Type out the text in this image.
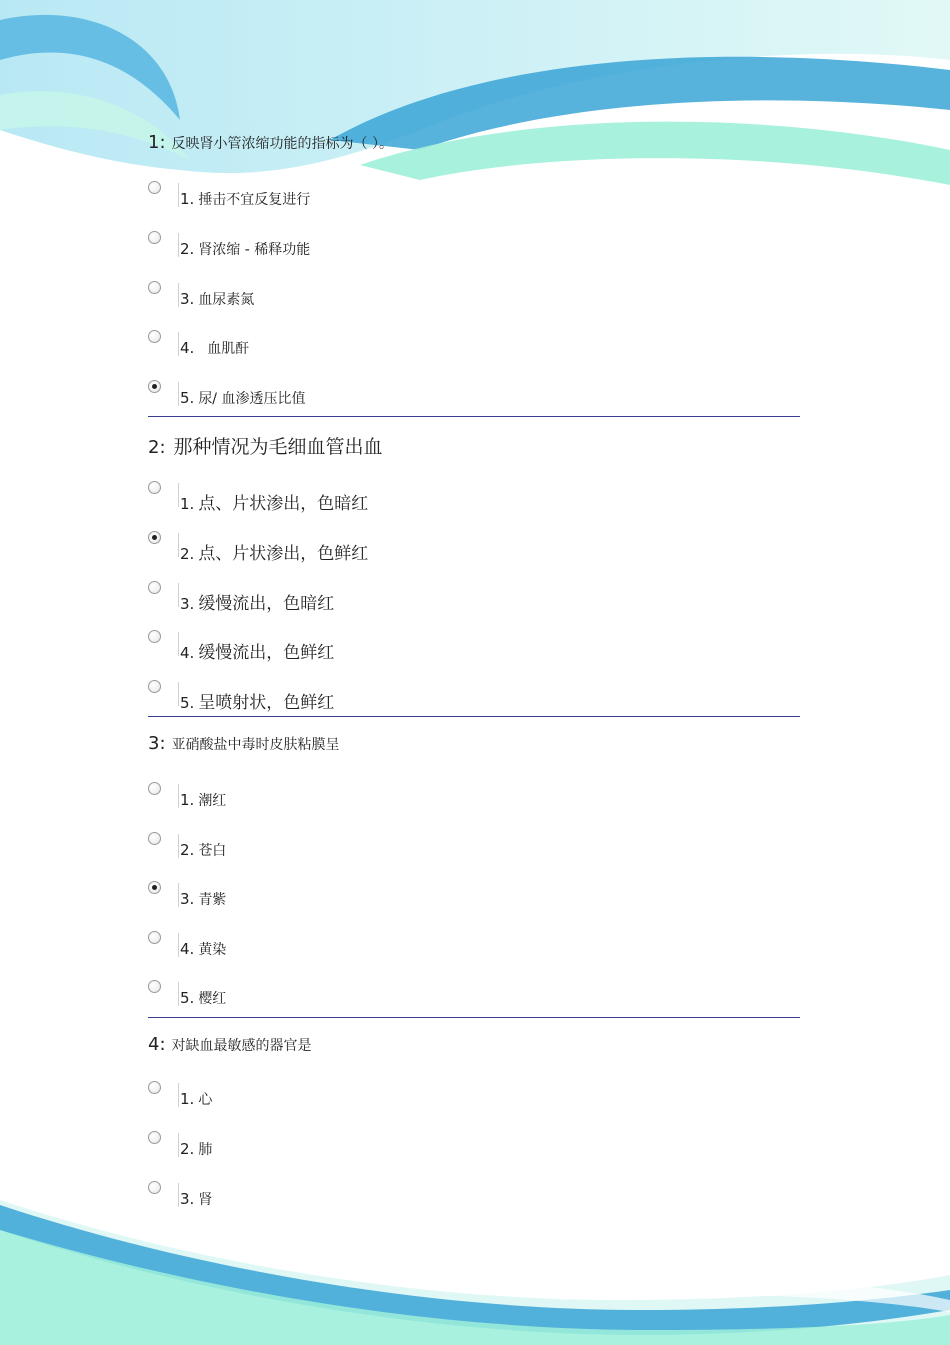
1: 反映肾小管浓缩功能的指标为（ ）。
1. 捶击不宜反复进行
2. 肾浓缩 - 稀释功能
3. 血尿素氮
4.  血肌酐
5. 尿/ 血渗透压比值
2: 那种情况为毛细血管出血
1. 点、片状渗出，色暗红
2. 点、片状渗出，色鲜红
3. 缓慢流出，色暗红
4. 缓慢流出，色鲜红
5. 呈喷射状，色鲜红
3: 亚硝酸盐中毒时皮肤粘膜呈
1. 潮红
2. 苍白
3. 青紫
4. 黄染
5. 樱红
4: 对缺血最敏感的器官是
1. 心
2. 肺
3. 肾
